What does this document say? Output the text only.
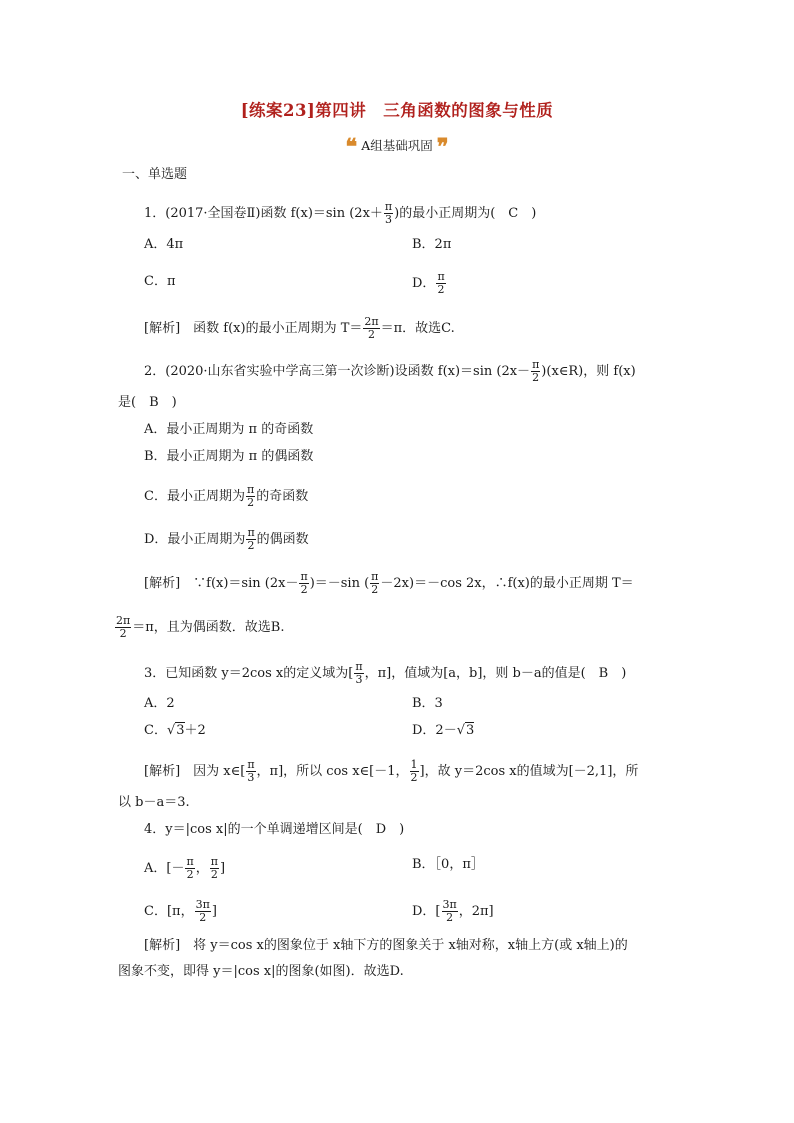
[练案23]第四讲　三角函数的图象与性质
❝ A组基础巩固 ❞
一、单选题
1．(2017·全国卷Ⅱ)函数 f(x)＝sin ($2x+ \frac{\pi}{3}$ )的最小正周期为(　C　)
A．4π	B．2π
C．π	D． $\frac{\pi}{2}$
[解析]　函数 f(x)的最小正周期为 $T= \frac{2\pi}{2} =\pi$．故选C.
2．(2020·山东省实验中学高三第一次诊断)设函数 f(x)＝sin ($2x- \frac{\pi}{2}$ )(x∈R)，则 f(x)
是(　B　)
A．最小正周期为 π 的奇函数
B．最小正周期为 π 的偶函数
C．最小正周期为 $\frac{\pi}{2}$ 的奇函数
D．最小正周期为 $\frac{\pi}{2}$ 的偶函数
[解析]　∵f(x)＝sin $(2x- \frac{\pi}{2} )=-\sin$ ( $\frac{\pi}{2} -2x)=-\cos$ 2x，∴f(x)的最小正周期 T＝
$\frac{2\pi}{2} =\pi$，且为偶函数．故选B.
3．已知函数 y＝2cos x的定义域为[ $\frac{\pi}{3}$ ，π]，值域为[a，b]，则 b－a的值是(　B　)
A．2	B．3
C．√3＋2	D．2－√3
[解析]　因为 x∈[ $\frac{\pi}{3}$ ，π]，所以 cos x∈[－1， $\frac{1}{2}$ ]，故 y＝2cos x的值域为[－2,1]，所
以 b－a＝3.
4．y＝|cos x|的一个单调递增区间是(　D　)
A．[－ $\frac{\pi}{2}$ ， $\frac{\pi}{2}$ ]	B．［0，π］
C．[π， $\frac{3\pi}{2}$ ]	D．[ $\frac{3\pi}{2}$ ，2π]
[解析]　将 y＝cos x的图象位于 x轴下方的图象关于 x轴对称，x轴上方(或 x轴上)的
图象不变，即得 y＝|cos x|的图象(如图)．故选D.
